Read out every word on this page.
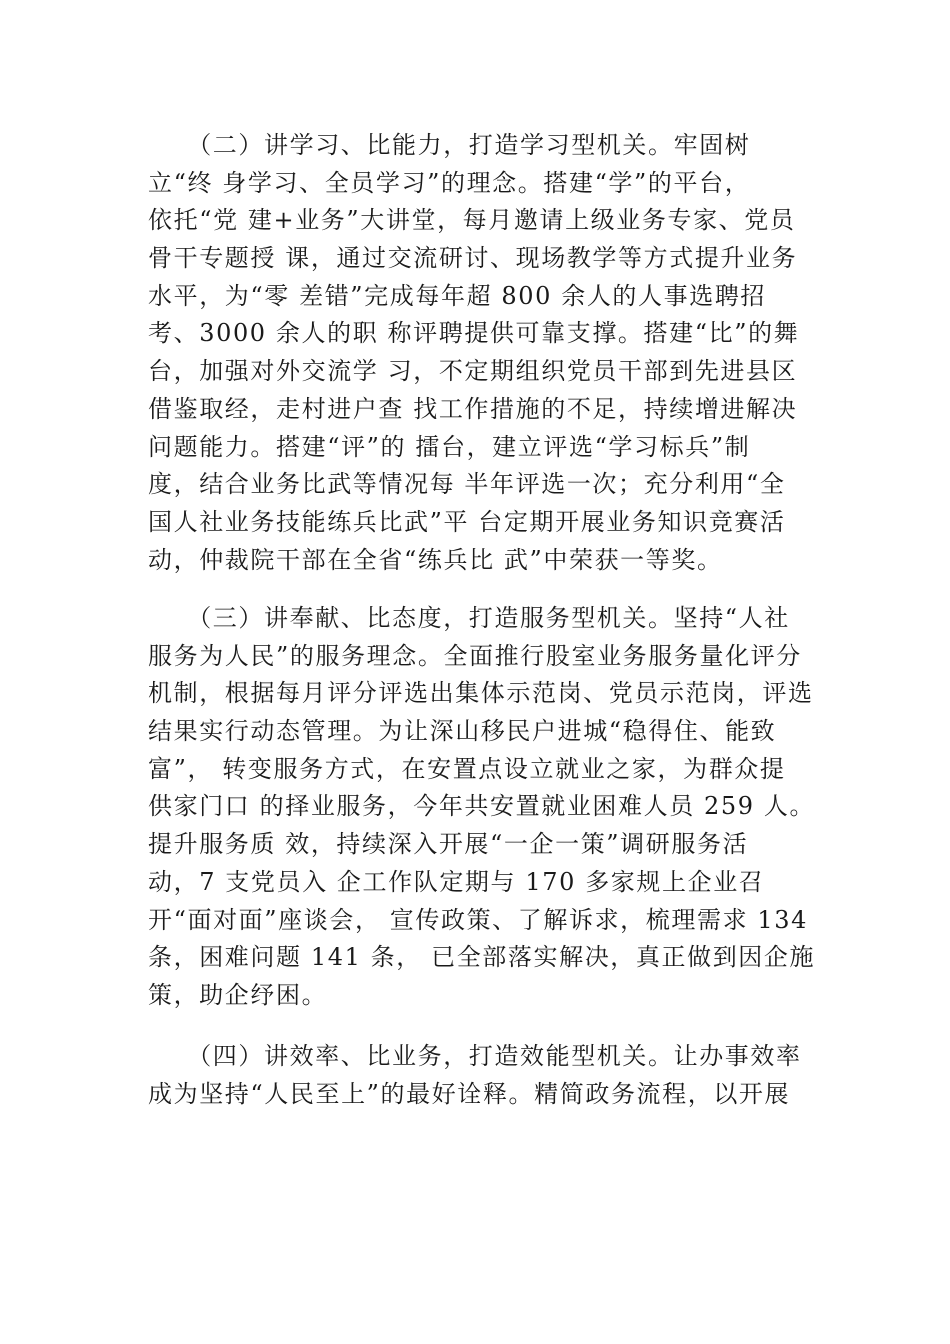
　　（二）讲学习、比能力，打造学习型机关。牢固树
立“终 身学习、全员学习”的理念。搭建“学”的平台，
依托“党 建+业务”大讲堂，每月邀请上级业务专家、党员
骨干专题授 课，通过交流研讨、现场教学等方式提升业务
水平，为“零 差错”完成每年超 800 余人的人事选聘招
考、3000 余人的职 称评聘提供可靠支撑。搭建“比”的舞
台，加强对外交流学 习，不定期组织党员干部到先进县区
借鉴取经，走村进户查 找工作措施的不足，持续增进解决
问题能力。搭建“评”的 擂台，建立评选“学习标兵”制
度，结合业务比武等情况每 半年评选一次；充分利用“全
国人社业务技能练兵比武”平 台定期开展业务知识竞赛活
动，仲裁院干部在全省“练兵比 武”中荣获一等奖。
　　（三）讲奉献、比态度，打造服务型机关。坚持“人社
服务为人民”的服务理念。全面推行股室业务服务量化评分
机制，根据每月评分评选出集体示范岗、党员示范岗，评选
结果实行动态管理。为让深山移民户进城“稳得住、能致
富”， 转变服务方式，在安置点设立就业之家，为群众提
供家门口 的择业服务，今年共安置就业困难人员 259 人。
提升服务质 效，持续深入开展“一企一策”调研服务活
动，7 支党员入 企工作队定期与 170 多家规上企业召
开“面对面”座谈会， 宣传政策、了解诉求，梳理需求 134
条，困难问题 141 条， 已全部落实解决，真正做到因企施
策，助企纾困。
　　（四）讲效率、比业务，打造效能型机关。让办事效率
成为坚持“人民至上”的最好诠释。精简政务流程，以开展
